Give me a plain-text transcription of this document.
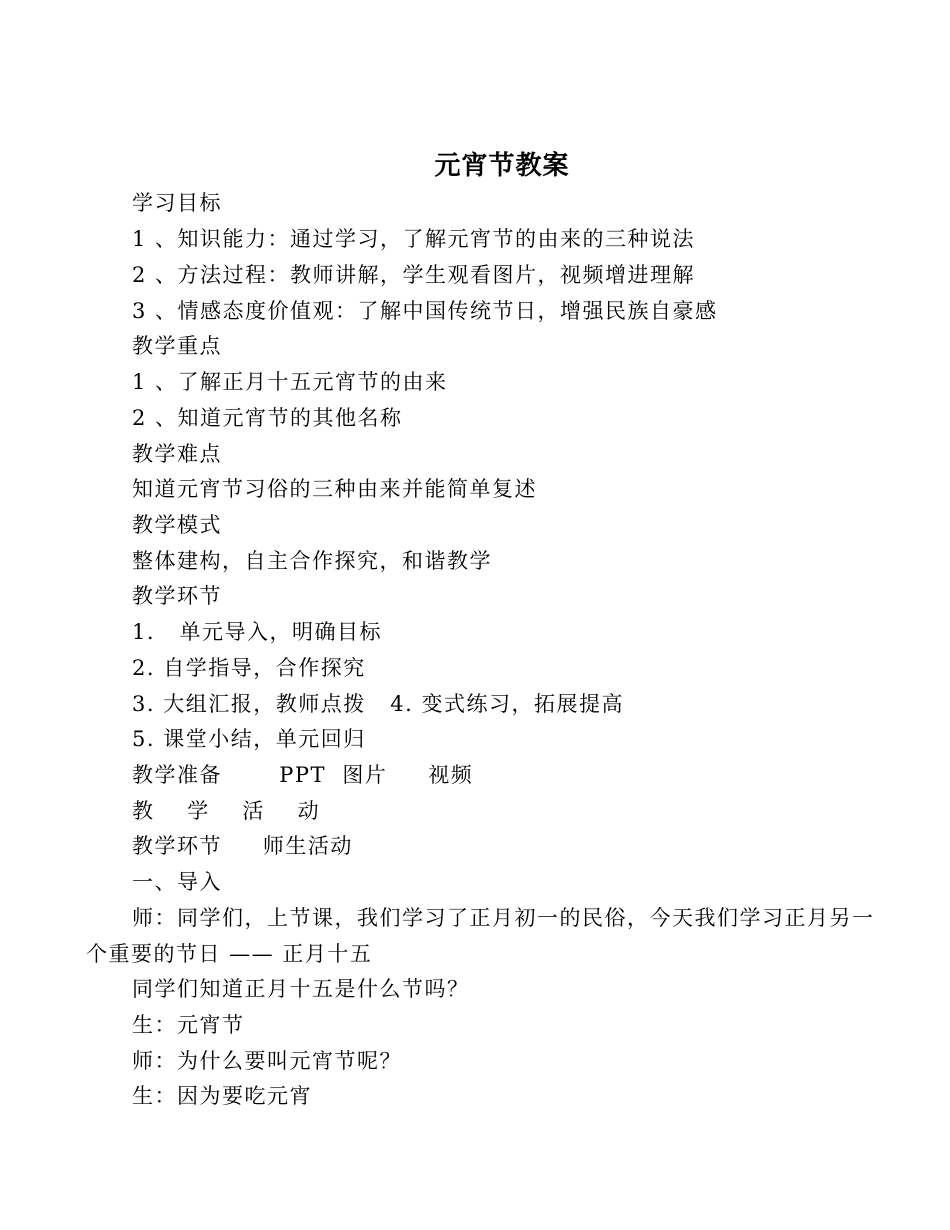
元宵节教案
学习目标
1 、知识能力：通过学习，了解元宵节的由来的三种说法
2 、方法过程：教师讲解，学生观看图片，视频增进理解
3 、情感态度价值观：了解中国传统节日，增强民族自豪感
教学重点
1 、了解正月十五元宵节的由来
2 、知道元宵节的其他名称
教学难点
知道元宵节习俗的三种由来并能简单复述
教学模式
整体建构，自主合作探究，和谐教学
教学环节
1.   单元导入，明确目标
2. 自学指导，合作探究
3. 大组汇报，教师点拨   4. 变式练习，拓展提高
5. 课堂小结，单元回归
教学准备       PPT  图片     视频
教    学    活    动
教学环节     师生活动
一、导入
师：同学们，上节课，我们学习了正月初一的民俗，今天我们学习正月另一个重要的节日 —— 正月十五
同学们知道正月十五是什么节吗？
生：元宵节
师：为什么要叫元宵节呢？
生：因为要吃元宵
